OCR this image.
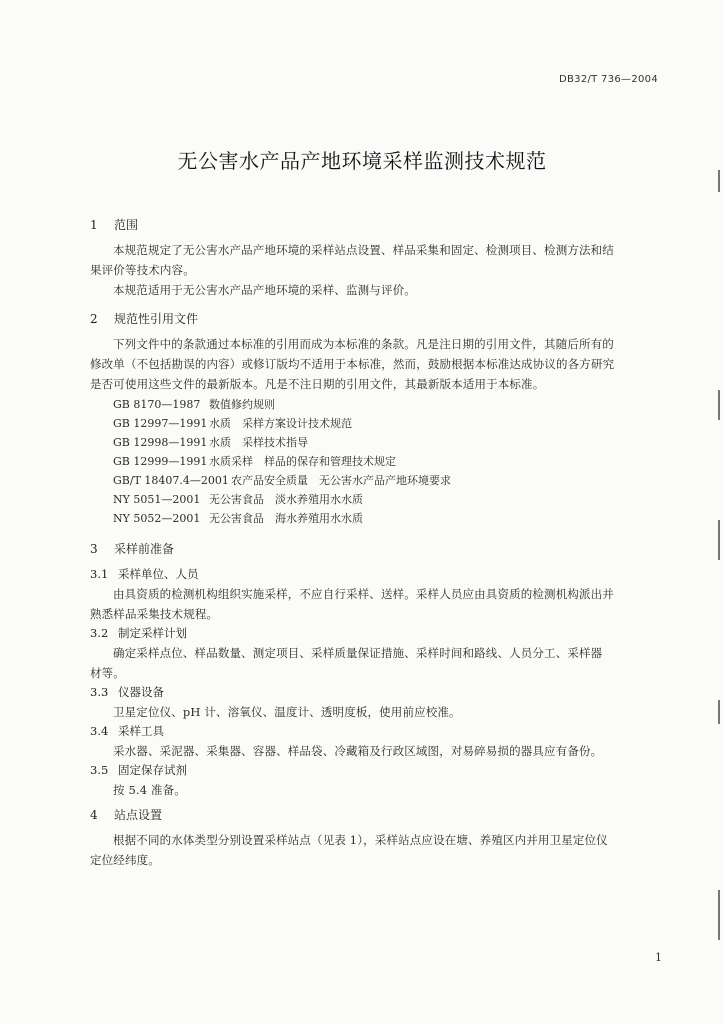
DB32/T 736—2004
无公害水产品产地环境采样监测技术规范
1 范围
本规范规定了无公害水产品产地环境的采样站点设置、样品采集和固定、检测项目、检测方法和结
果评价等技术内容。
本规范适用于无公害水产品产地环境的采样、监测与评价。
2 规范性引用文件
下列文件中的条款通过本标准的引用而成为本标准的条款。凡是注日期的引用文件，其随后所有的
修改单（不包括勘误的内容）或修订版均不适用于本标准，然而，鼓励根据本标准达成协议的各方研究
是否可使用这些文件的最新版本。凡是不注日期的引用文件，其最新版本适用于本标准。
GB 8170—1987 数值修约规则
GB 12997—1991 水质　采样方案设计技术规范
GB 12998—1991 水质　采样技术指导
GB 12999—1991 水质采样　样品的保存和管理技术规定
GB/T 18407.4—2001 农产品安全质量　无公害水产品产地环境要求
NY 5051—2001 无公害食品　淡水养殖用水水质
NY 5052—2001 无公害食品　海水养殖用水水质
3 采样前准备
3.1 采样单位、人员
由具资质的检测机构组织实施采样，不应自行采样、送样。采样人员应由具资质的检测机构派出并
熟悉样品采集技术规程。
3.2 制定采样计划
确定采样点位、样品数量、测定项目、采样质量保证措施、采样时间和路线、人员分工、采样器
材等。
3.3 仪器设备
卫星定位仪、pH 计、溶氧仪、温度计、透明度板，使用前应校准。
3.4 采样工具
采水器、采泥器、采集器、容器、样品袋、冷藏箱及行政区域图，对易碎易损的器具应有备份。
3.5 固定保存试剂
按 5.4 准备。
4 站点设置
根据不同的水体类型分别设置采样站点（见表 1），采样站点应设在塘、养殖区内并用卫星定位仪
定位经纬度。
1
